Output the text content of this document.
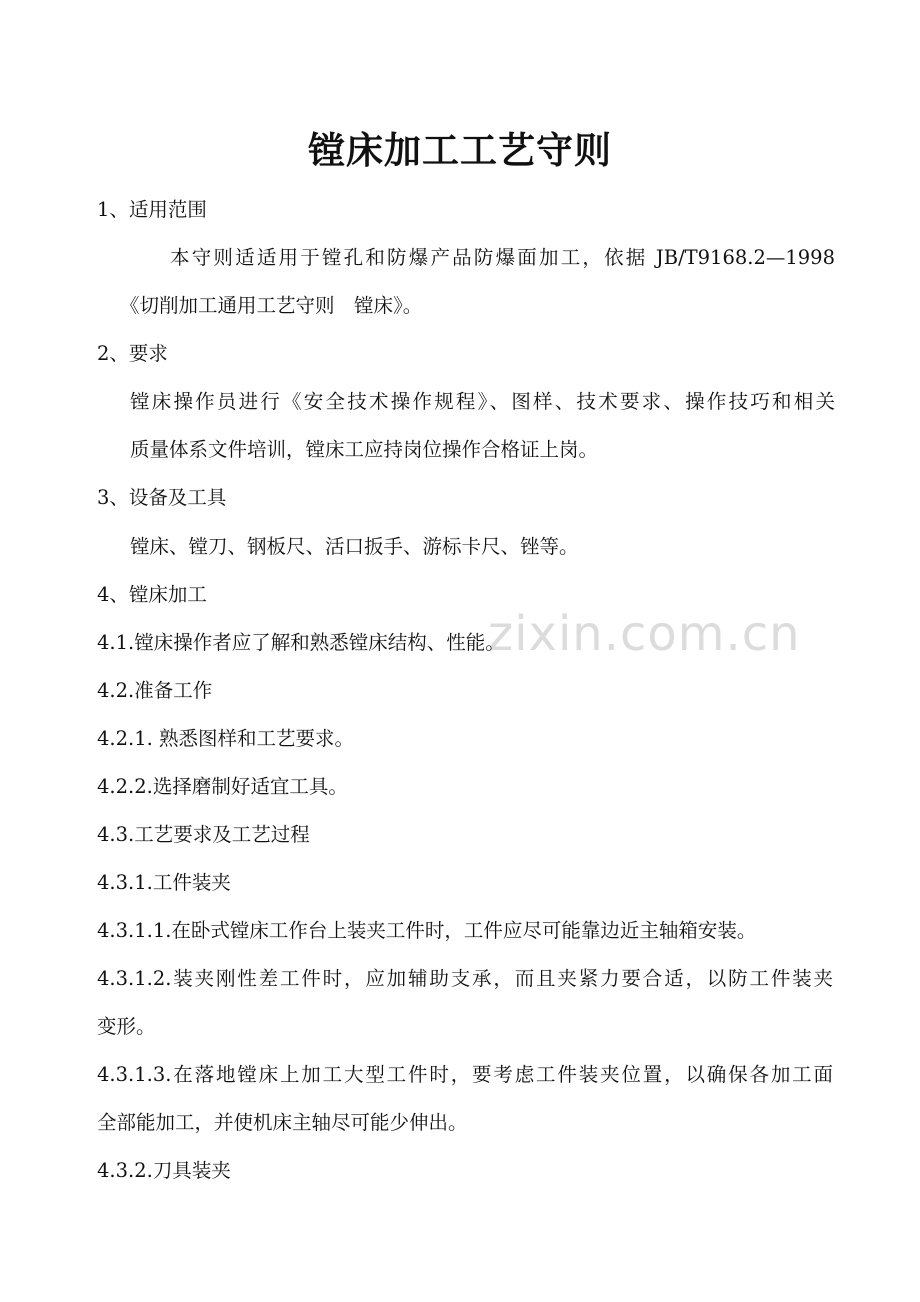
zixin.com.cn
镗床加工工艺守则

1、适用范围

本守则适适用于镗孔和防爆产品防爆面加工，依据 JB/T9168.2—1998

《切削加工通用工艺守则　镗床》。

2、要求

镗床操作员进行《安全技术操作规程》、图样、技术要求、操作技巧和相关

质量体系文件培训，镗床工应持岗位操作合格证上岗。

3、设备及工具

镗床、镗刀、钢板尺、活口扳手、游标卡尺、锉等。

4、镗床加工

4.1.镗床操作者应了解和熟悉镗床结构、性能。

4.2.准备工作

4.2.1. 熟悉图样和工艺要求。

4.2.2.选择磨制好适宜工具。

4.3.工艺要求及工艺过程

4.3.1.工件装夹

4.3.1.1.在卧式镗床工作台上装夹工件时，工件应尽可能靠边近主轴箱安装。

4.3.1.2.装夹刚性差工件时，应加辅助支承，而且夹紧力要合适，以防工件装夹

变形。

4.3.1.3.在落地镗床上加工大型工件时，要考虑工件装夹位置，以确保各加工面

全部能加工，并使机床主轴尽可能少伸出。

4.3.2.刀具装夹
